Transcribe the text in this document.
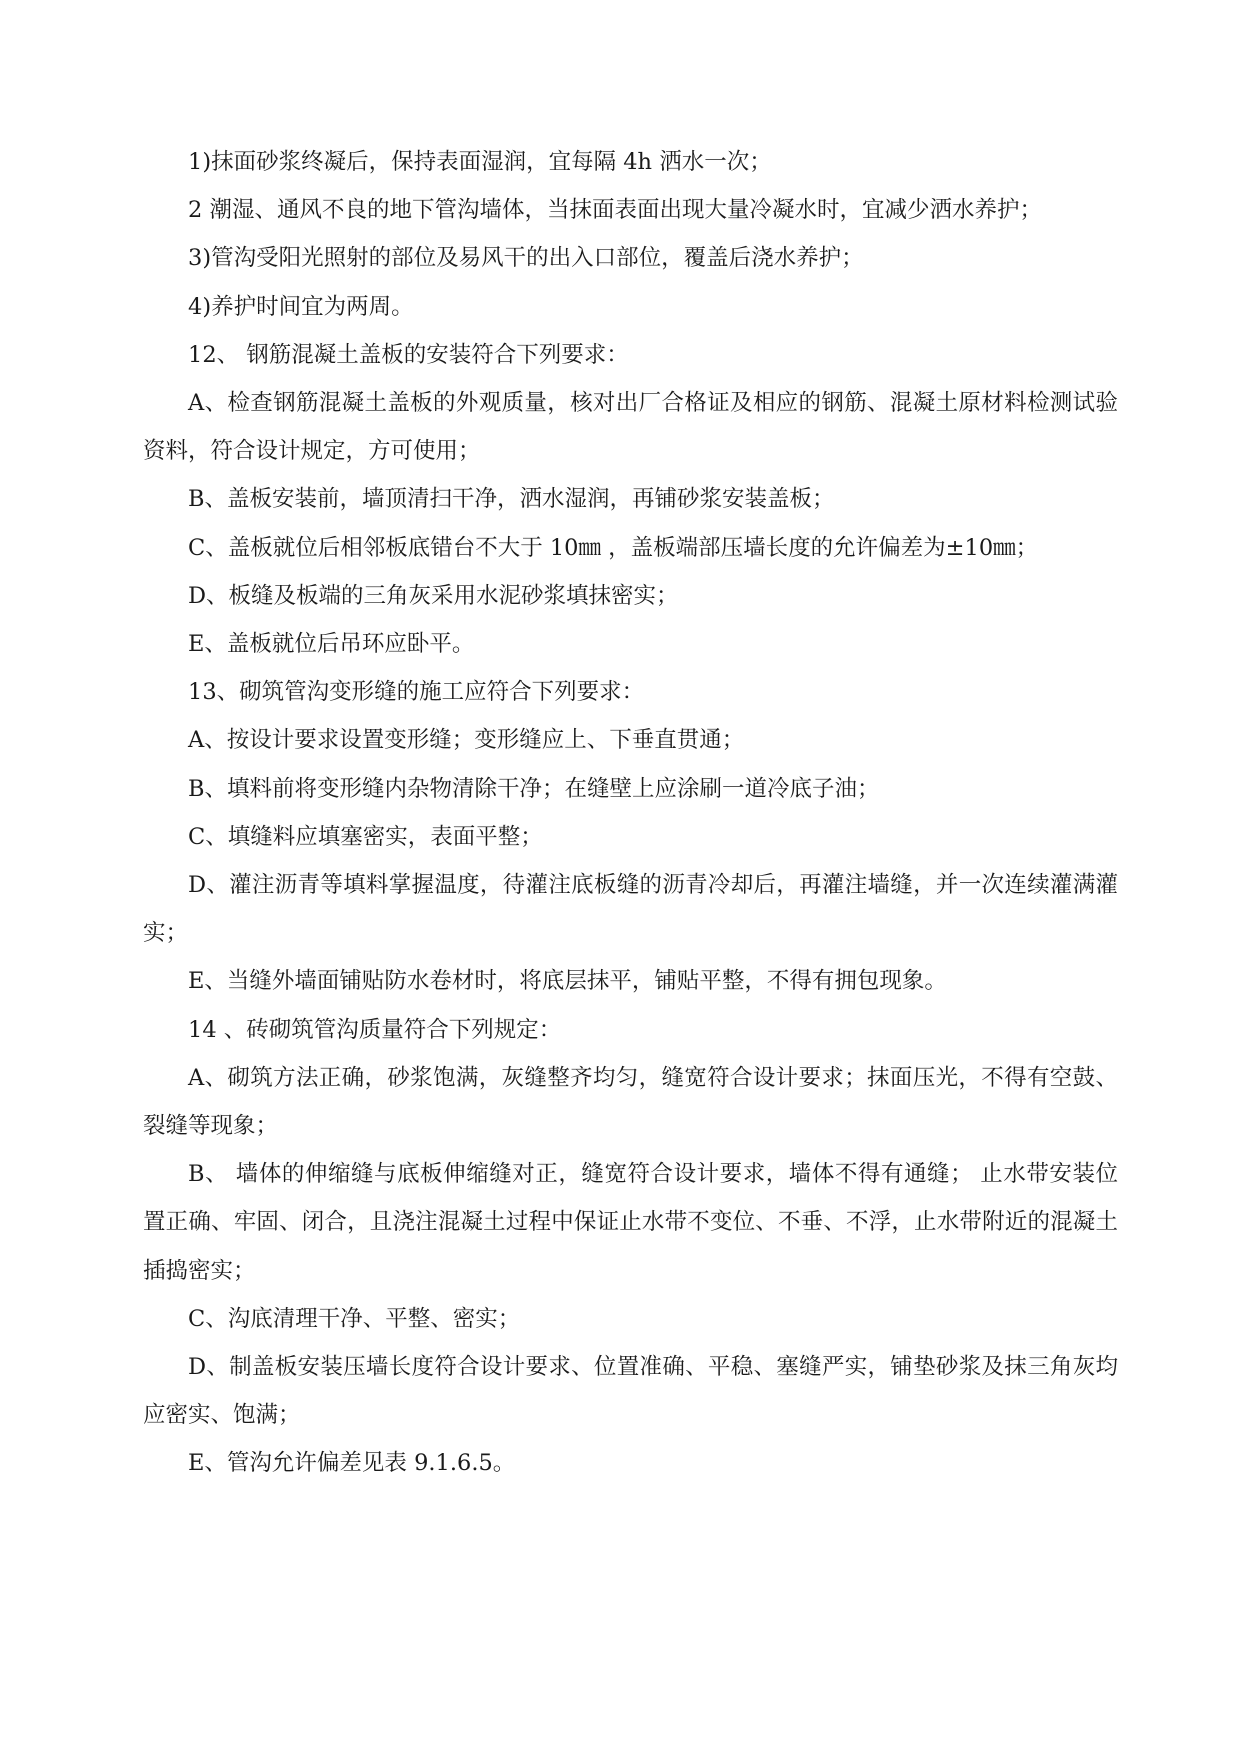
1)抹面砂浆终凝后，保持表面湿润，宜每隔 4h 洒水一次；

2 潮湿、通风不良的地下管沟墙体，当抹面表面出现大量冷凝水时，宜减少洒水养护；

3)管沟受阳光照射的部位及易风干的出入口部位，覆盖后浇水养护；

4)养护时间宜为两周。

12、 钢筋混凝土盖板的安装符合下列要求：

A、检查钢筋混凝土盖板的外观质量，核对出厂合格证及相应的钢筋、混凝土原材料检测试验资料，符合设计规定，方可使用；

B、盖板安装前，墙顶清扫干净，洒水湿润，再铺砂浆安装盖板；

C、盖板就位后相邻板底错台不大于 10㎜ ，盖板端部压墙长度的允许偏差为±10㎜；

D、板缝及板端的三角灰采用水泥砂浆填抹密实；

E、盖板就位后吊环应卧平。

13、砌筑管沟变形缝的施工应符合下列要求：

A、按设计要求设置变形缝；变形缝应上、下垂直贯通；

B、填料前将变形缝内杂物清除干净；在缝壁上应涂刷一道冷底子油；

C、填缝料应填塞密实，表面平整；

D、灌注沥青等填料掌握温度，待灌注底板缝的沥青冷却后，再灌注墙缝，并一次连续灌满灌实；

E、当缝外墙面铺贴防水卷材时，将底层抹平，铺贴平整，不得有拥包现象。

14 、砖砌筑管沟质量符合下列规定：

A、砌筑方法正确，砂浆饱满，灰缝整齐均匀，缝宽符合设计要求；抹面压光，不得有空鼓、裂缝等现象；

B、 墙体的伸缩缝与底板伸缩缝对正，缝宽符合设计要求，墙体不得有通缝； 止水带安装位置正确、牢固、闭合，且浇注混凝土过程中保证止水带不变位、不垂、不浮，止水带附近的混凝土插捣密实；

C、沟底清理干净、平整、密实；

D、制盖板安装压墙长度符合设计要求、位置准确、平稳、塞缝严实，铺垫砂浆及抹三角灰均应密实、饱满；

E、管沟允许偏差见表 9.1.6.5。
